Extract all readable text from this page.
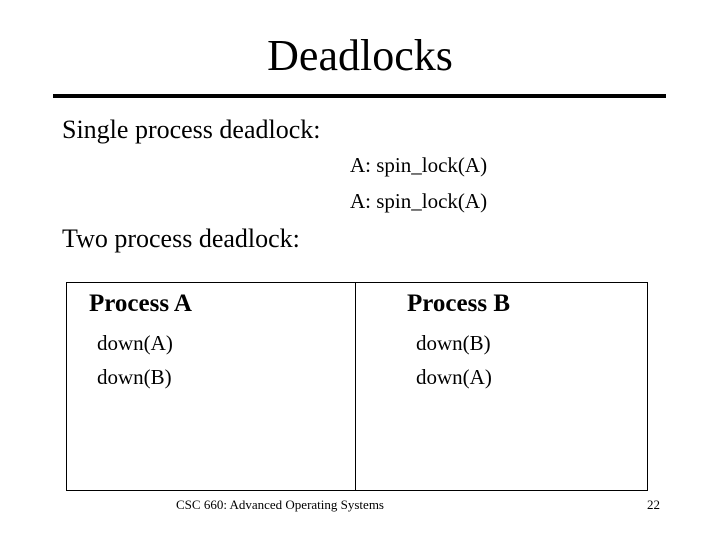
Deadlocks
Single process deadlock:
A: spin_lock(A)
A: spin_lock(A)
Two process deadlock:
Process A
down(A)
down(B)
Process B
down(B)
down(A)
CSC 660: Advanced Operating Systems	22
